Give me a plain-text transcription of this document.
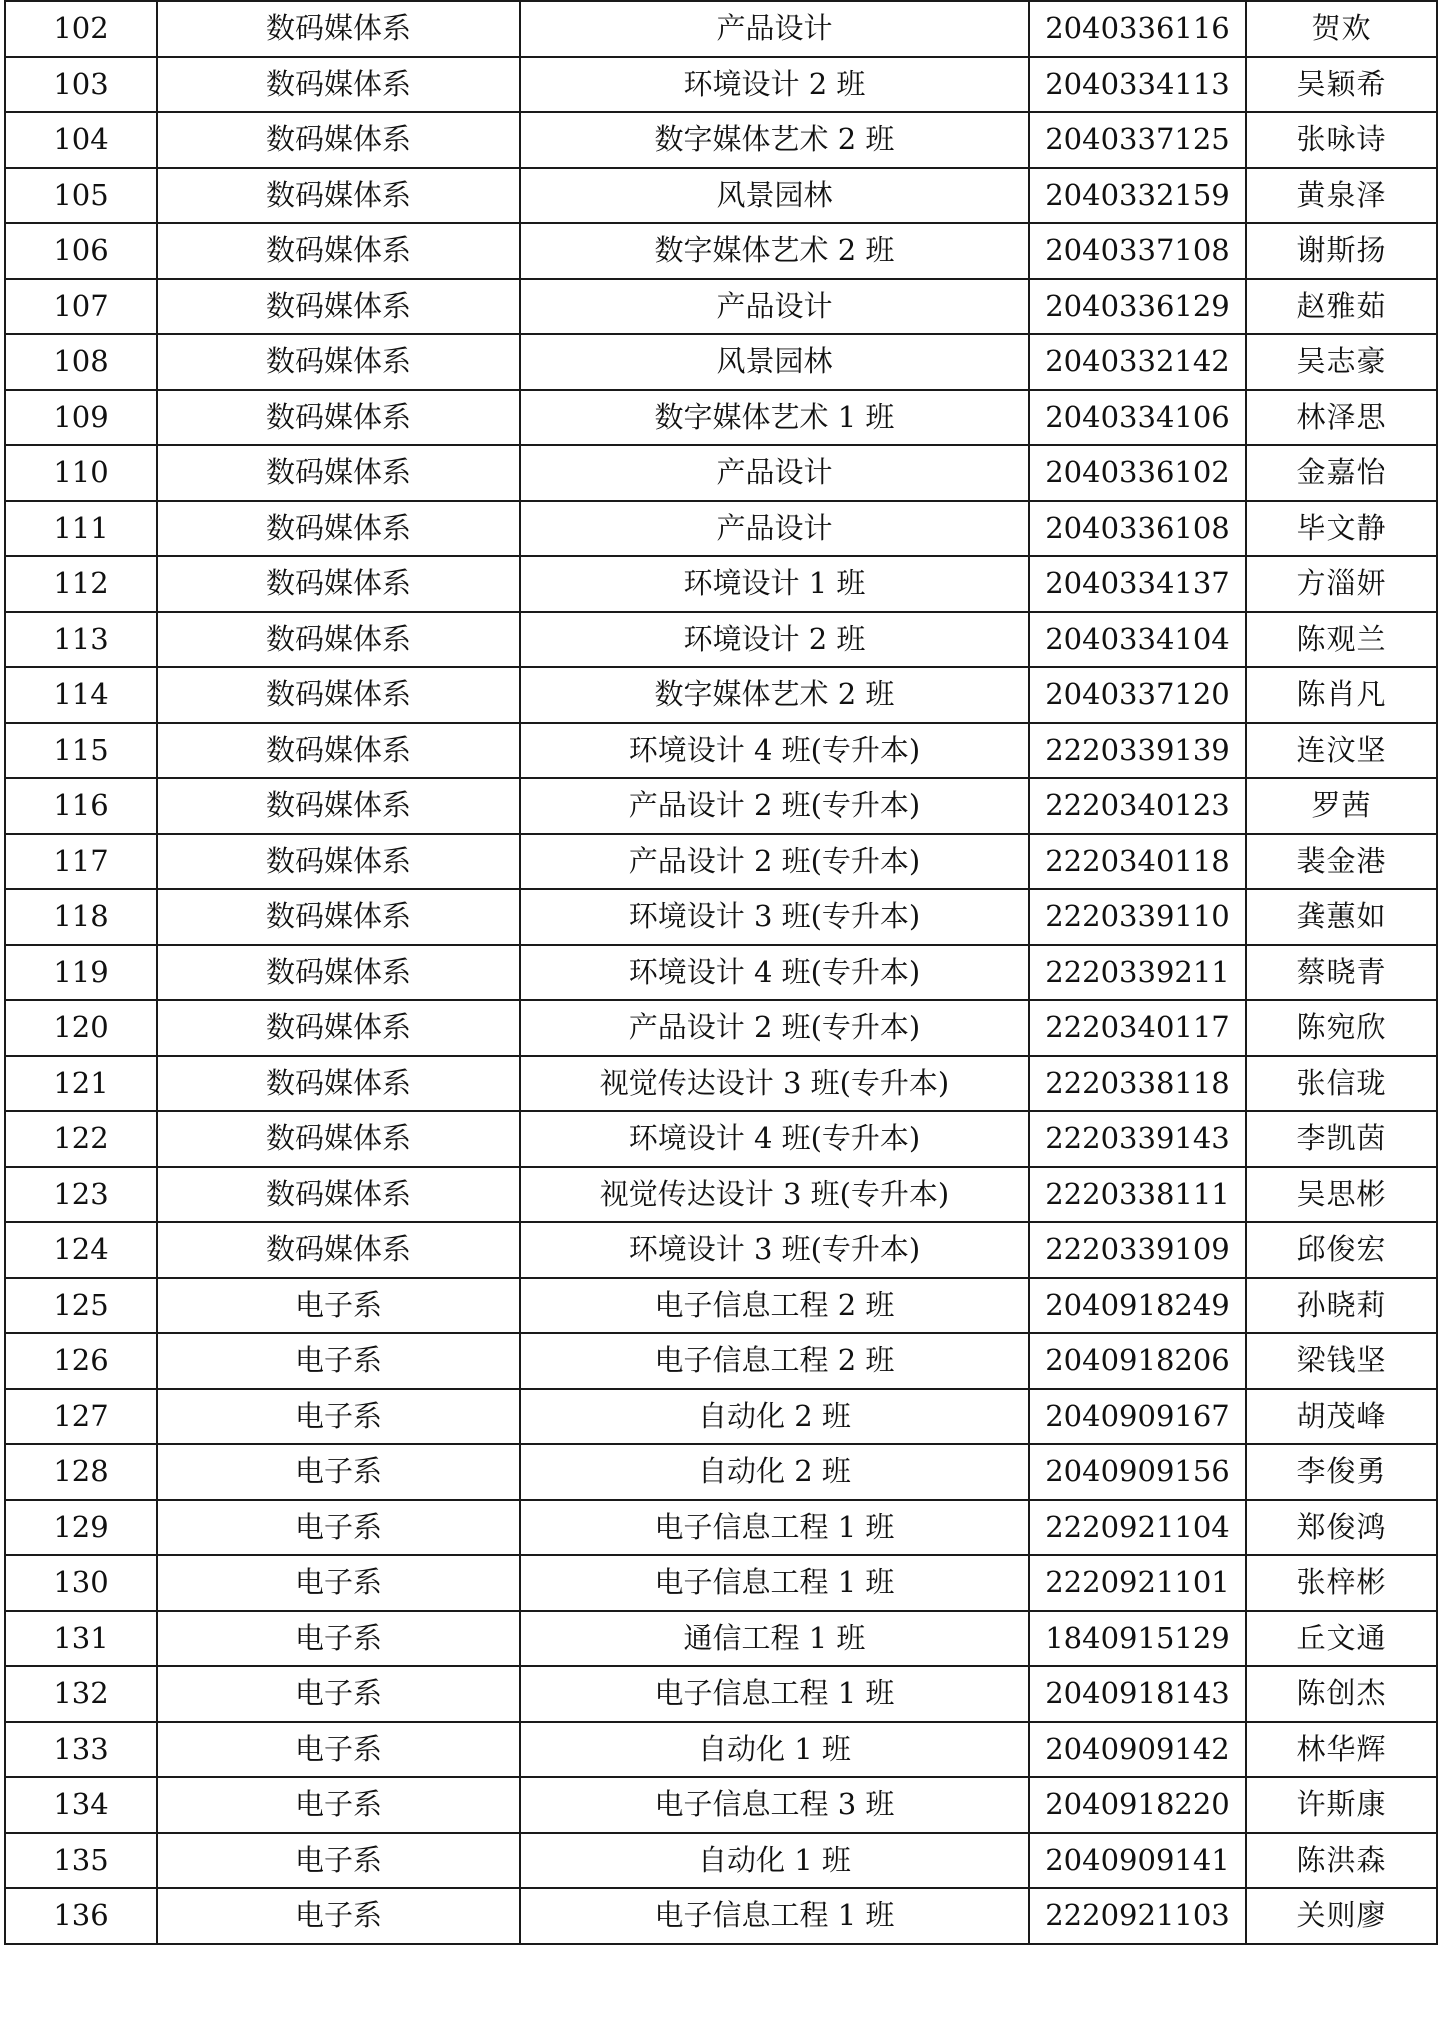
102	数码媒体系	产品设计	2040336116	贺欢
103	数码媒体系	环境设计 2 班	2040334113	吴颖希
104	数码媒体系	数字媒体艺术 2 班	2040337125	张咏诗
105	数码媒体系	风景园林	2040332159	黄泉泽
106	数码媒体系	数字媒体艺术 2 班	2040337108	谢斯扬
107	数码媒体系	产品设计	2040336129	赵雅茹
108	数码媒体系	风景园林	2040332142	吴志豪
109	数码媒体系	数字媒体艺术 1 班	2040334106	林泽思
110	数码媒体系	产品设计	2040336102	金嘉怡
111	数码媒体系	产品设计	2040336108	毕文静
112	数码媒体系	环境设计 1 班	2040334137	方淄妍
113	数码媒体系	环境设计 2 班	2040334104	陈观兰
114	数码媒体系	数字媒体艺术 2 班	2040337120	陈肖凡
115	数码媒体系	环境设计 4 班(专升本)	2220339139	连汶坚
116	数码媒体系	产品设计 2 班(专升本)	2220340123	罗茜
117	数码媒体系	产品设计 2 班(专升本)	2220340118	裴金港
118	数码媒体系	环境设计 3 班(专升本)	2220339110	龚蕙如
119	数码媒体系	环境设计 4 班(专升本)	2220339211	蔡晓青
120	数码媒体系	产品设计 2 班(专升本)	2220340117	陈宛欣
121	数码媒体系	视觉传达设计 3 班(专升本)	2220338118	张信珑
122	数码媒体系	环境设计 4 班(专升本)	2220339143	李凯茵
123	数码媒体系	视觉传达设计 3 班(专升本)	2220338111	吴思彬
124	数码媒体系	环境设计 3 班(专升本)	2220339109	邱俊宏
125	电子系	电子信息工程 2 班	2040918249	孙晓莉
126	电子系	电子信息工程 2 班	2040918206	梁钱坚
127	电子系	自动化 2 班	2040909167	胡茂峰
128	电子系	自动化 2 班	2040909156	李俊勇
129	电子系	电子信息工程 1 班	2220921104	郑俊鸿
130	电子系	电子信息工程 1 班	2220921101	张梓彬
131	电子系	通信工程 1 班	1840915129	丘文通
132	电子系	电子信息工程 1 班	2040918143	陈创杰
133	电子系	自动化 1 班	2040909142	林华辉
134	电子系	电子信息工程 3 班	2040918220	许斯康
135	电子系	自动化 1 班	2040909141	陈洪森
136	电子系	电子信息工程 1 班	2220921103	关则廖
